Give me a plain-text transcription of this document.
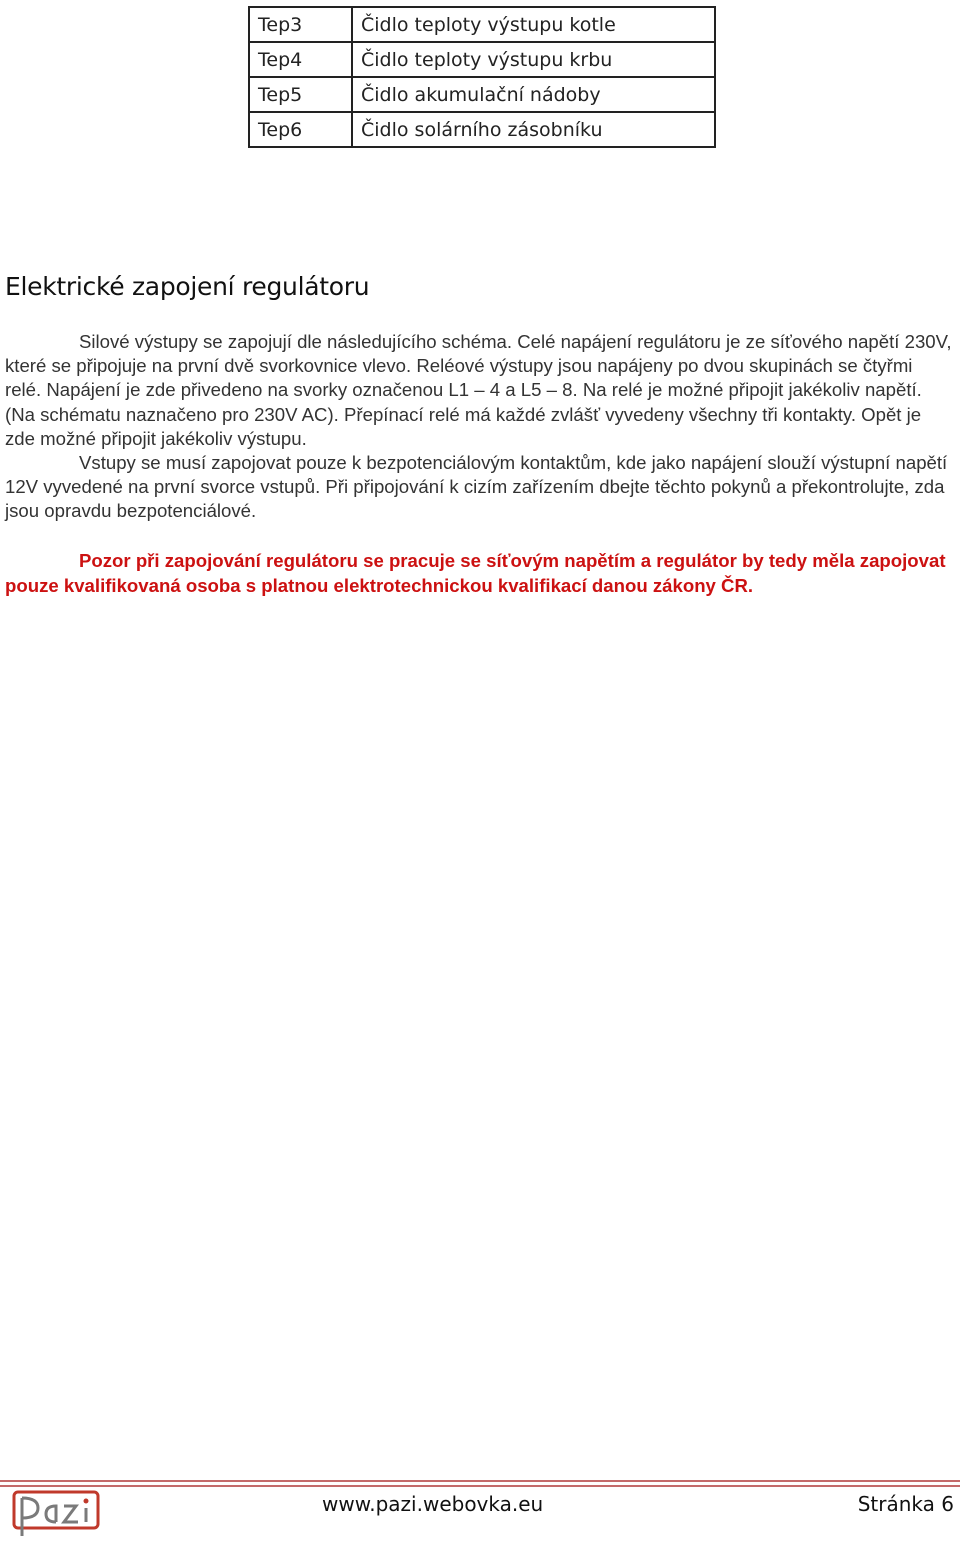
Tep3	Čidlo teploty výstupu kotle
Tep4	Čidlo teploty výstupu krbu
Tep5	Čidlo akumulační nádoby
Tep6	Čidlo solárního zásobníku
Elektrické zapojení regulátoru

Silové výstupy se zapojují dle následujícího schéma. Celé napájení regulátoru je ze síťového napětí 230V, které se připojuje na první dvě svorkovnice vlevo. Reléové výstupy jsou napájeny po dvou skupinách se čtyřmi relé. Napájení je zde přivedeno na svorky označenou L1 – 4 a L5 – 8. Na relé je možné připojit jakékoliv napětí. (Na schématu naznačeno pro 230V AC). Přepínací relé má každé zvlášť vyvedeny všechny tři kontakty. Opět je zde možné připojit jakékoliv výstupu.

Vstupy se musí zapojovat pouze k bezpotenciálovým kontaktům, kde jako napájení slouží výstupní napětí 12V vyvedené na první svorce vstupů. Při připojování k cizím zařízením dbejte těchto pokynů a překontrolujte, zda jsou opravdu bezpotenciálové.

Pozor při zapojování regulátoru se pracuje se síťovým napětím a regulátor by tedy měla zapojovat pouze kvalifikovaná osoba s platnou elektrotechnickou kvalifikací danou zákony ČR.

www.pazi.webovka.eu	Stránka 6
